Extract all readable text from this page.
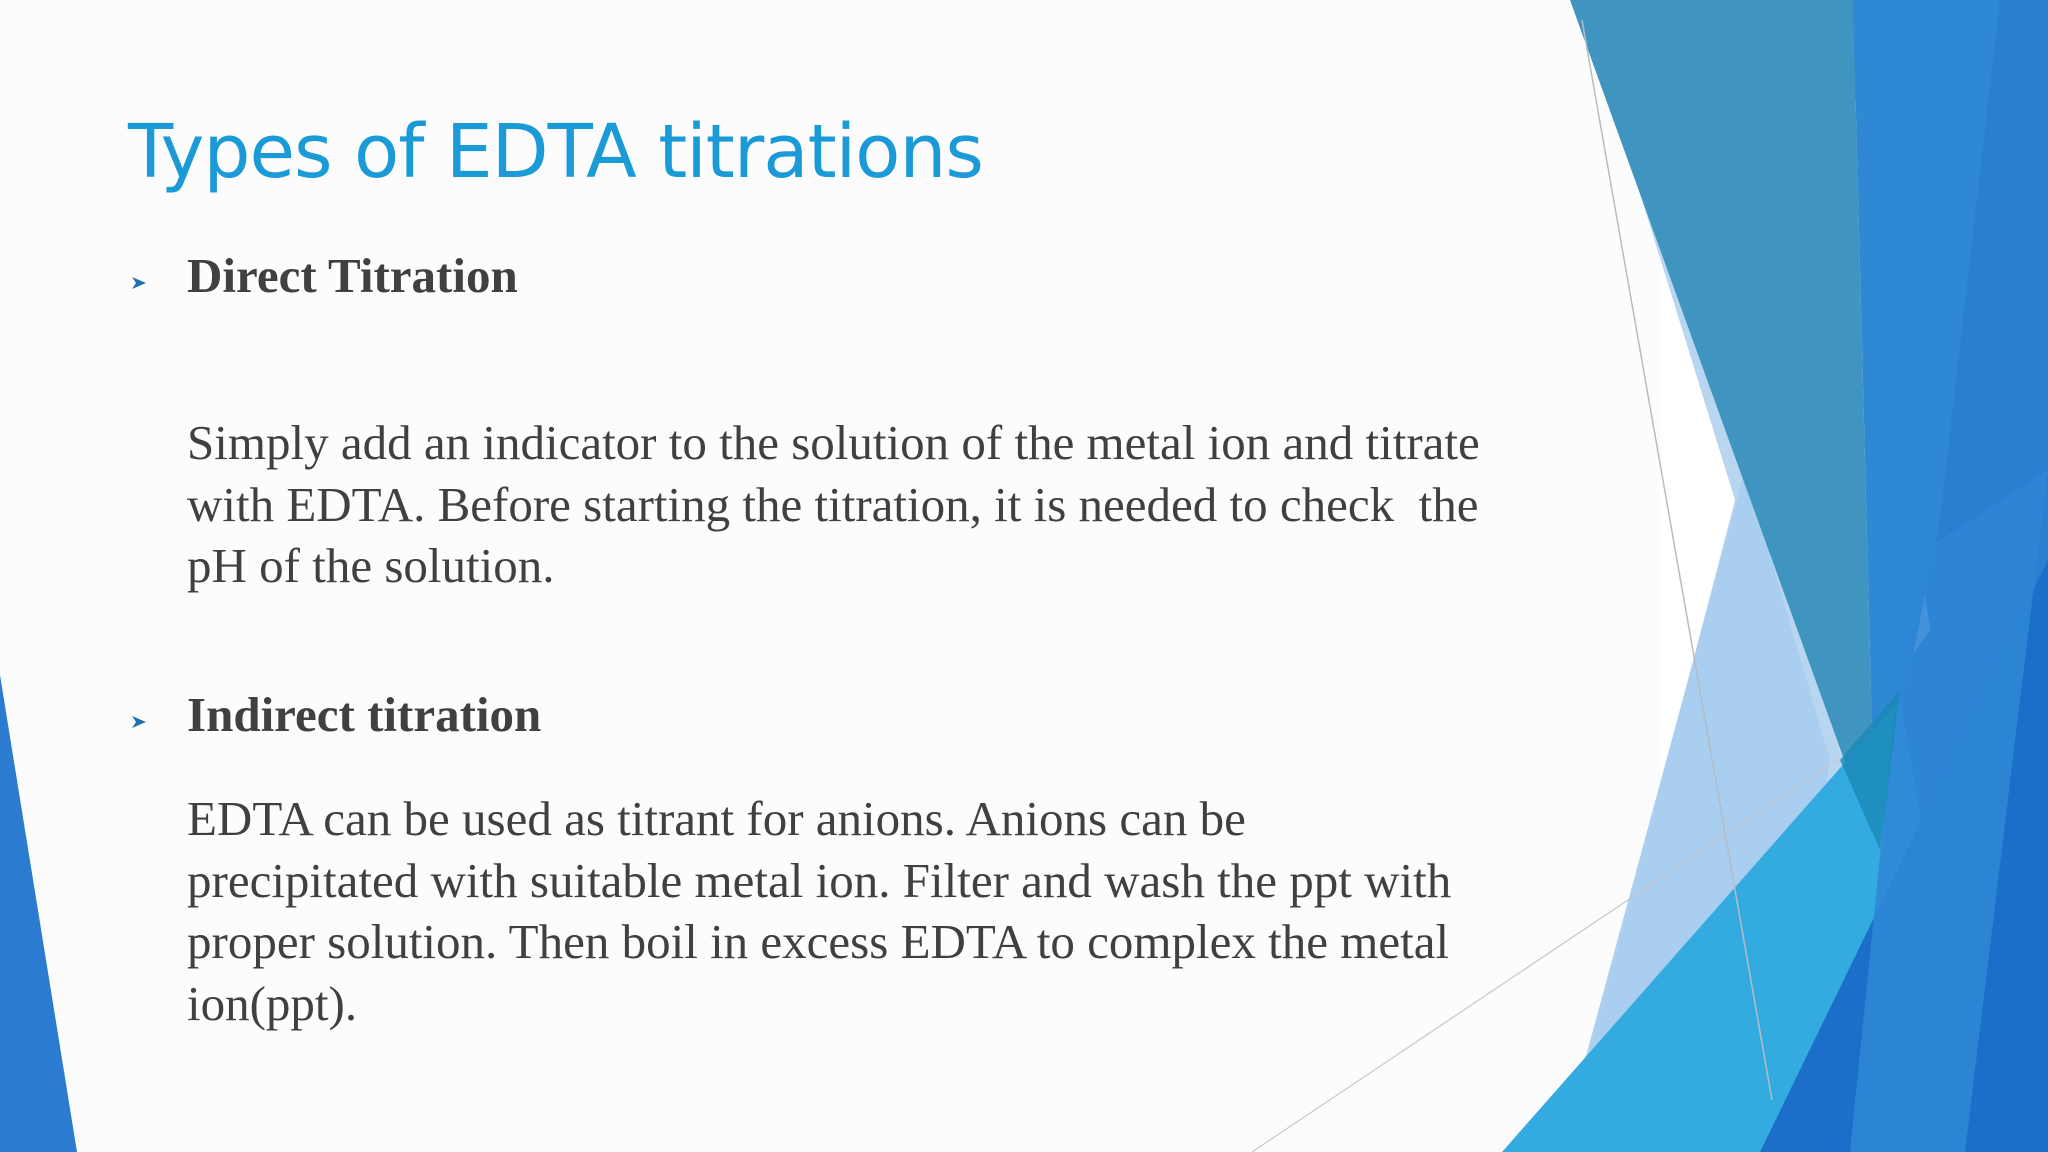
Types of EDTA titrations
Direct Titration

Simply add an indicator to the solution of the metal ion and titrate
with EDTA. Before starting the titration, it is needed to check  the
pH of the solution.

Indirect titration

EDTA can be used as titrant for anions. Anions can be
precipitated with suitable metal ion. Filter and wash the ppt with
proper solution. Then boil in excess EDTA to complex the metal
ion(ppt).
